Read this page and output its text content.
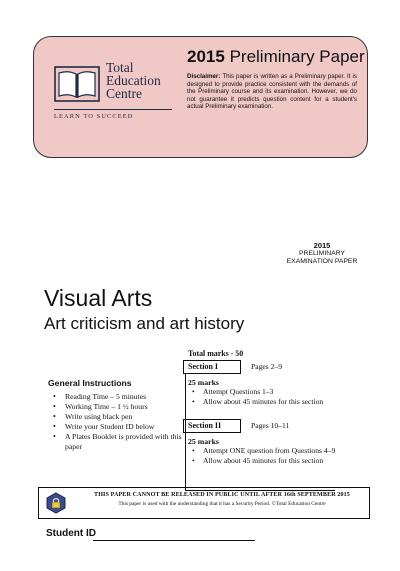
Total
Education
Centre
LEARN TO SUCCEED
2015 Preliminary Paper
Disclaimer: This paper is written as a Preliminary paper. It is designed to provide practice consistent with the demands of the Preliminary course and its examination. However, we do not guarantee it predicts question content for a student's actual Preliminary examination.
2015
PRELIMINARY
EXAMINATION PAPER
Visual Arts
Art criticism and art history
General Instructions
• Reading Time – 5 minutes
• Working Time – 1 ½ hours
• Write using black pen
• Write your Student ID below
• A Plates Booklet is provided with this paper
Total marks - 50
Section I	Pages 2–9
25 marks
• Attempt Questions 1–3
• Allow about 45 minutes for this section
Section II	Pages 10–11
25 marks
• Attempt ONE question from Questions 4–9
• Allow about 45 minutes for this section
THIS PAPER CANNOT BE RELEASED IN PUBLIC UNTIL AFTER 16th SEPTEMBER 2015
This paper is used with the understanding that it has a Security Period. ©Total Education Centre
Student ID
